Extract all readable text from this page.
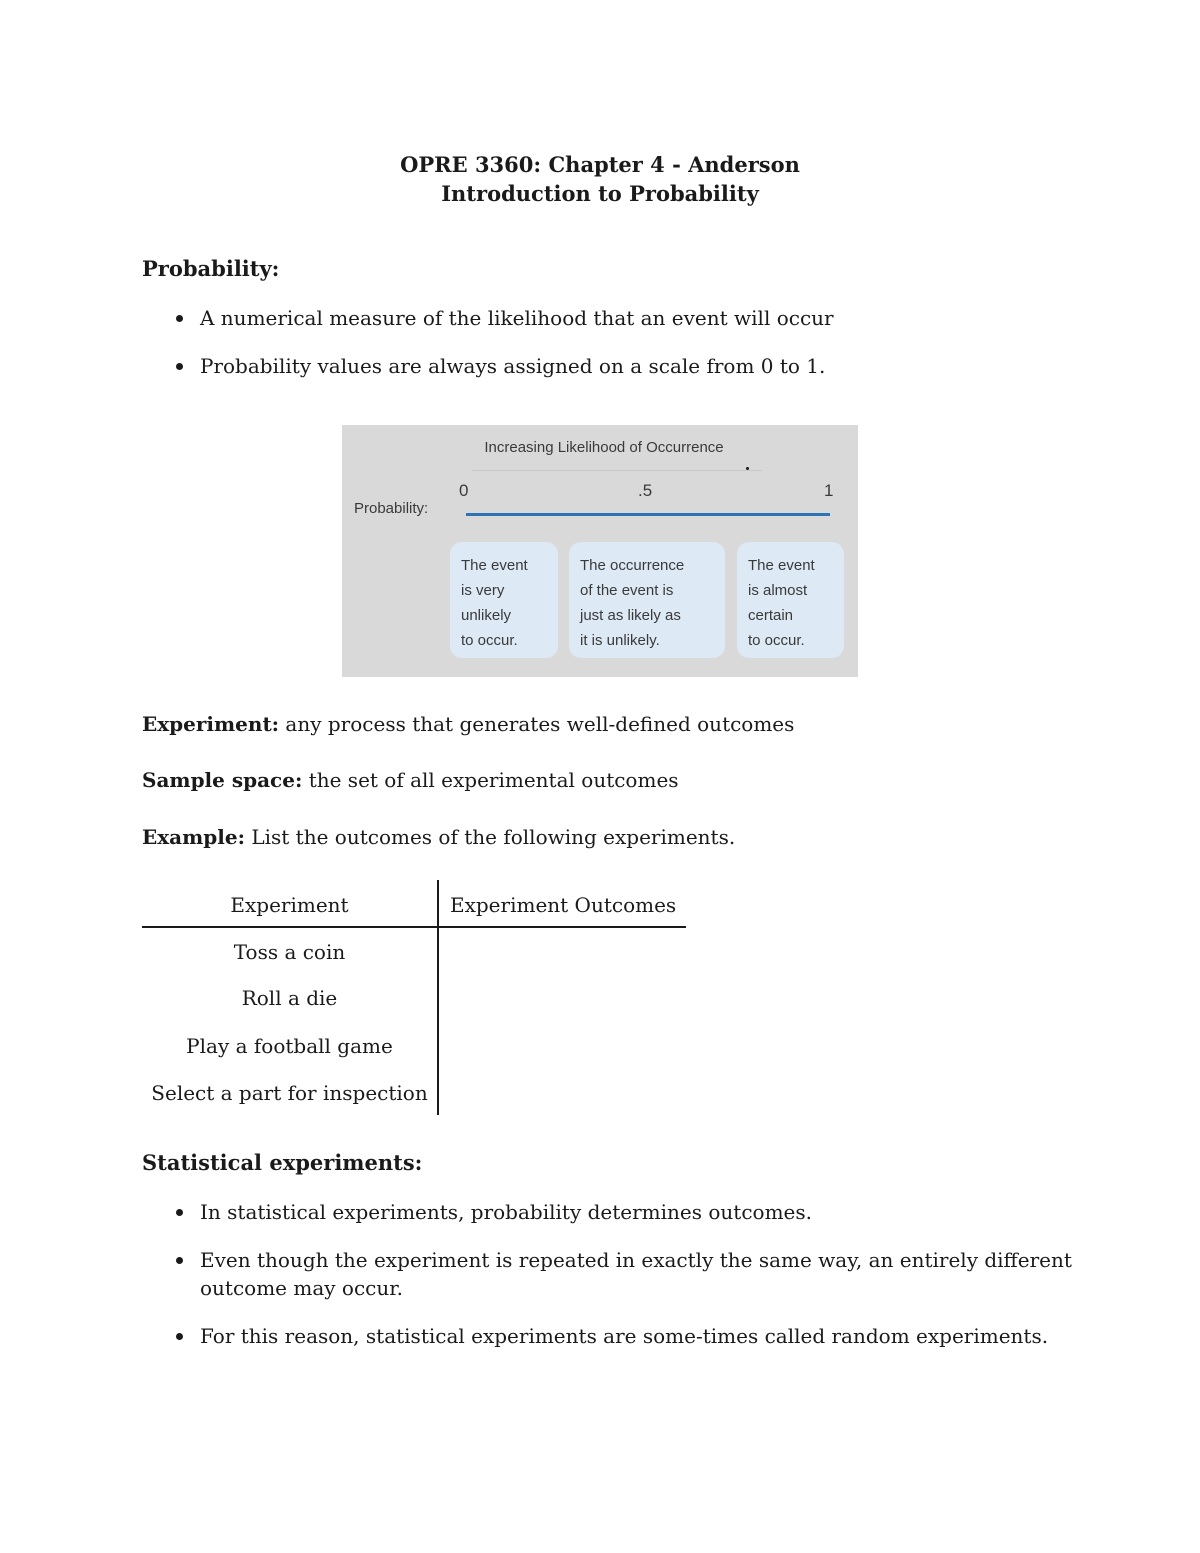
OPRE 3360: Chapter 4 - Anderson
Introduction to Probability
Probability:
A numerical measure of the likelihood that an event will occur
Probability values are always assigned on a scale from 0 to 1.
Increasing Likelihood of Occurrence
0	.5	1
Probability:
The event
is very
unlikely
to occur.
The occurrence
of the event is
just as likely as
it is unlikely.
The event
is almost
certain
to occur.
Experiment: any process that generates well-defined outcomes
Sample space: the set of all experimental outcomes
Example: List the outcomes of the following experiments.
Experiment	Experiment Outcomes
Toss a coin
Roll a die
Play a football game
Select a part for inspection
Statistical experiments:
In statistical experiments, probability determines outcomes.
Even though the experiment is repeated in exactly the same way, an entirely different outcome may occur.
For this reason, statistical experiments are some-times called random experiments.
